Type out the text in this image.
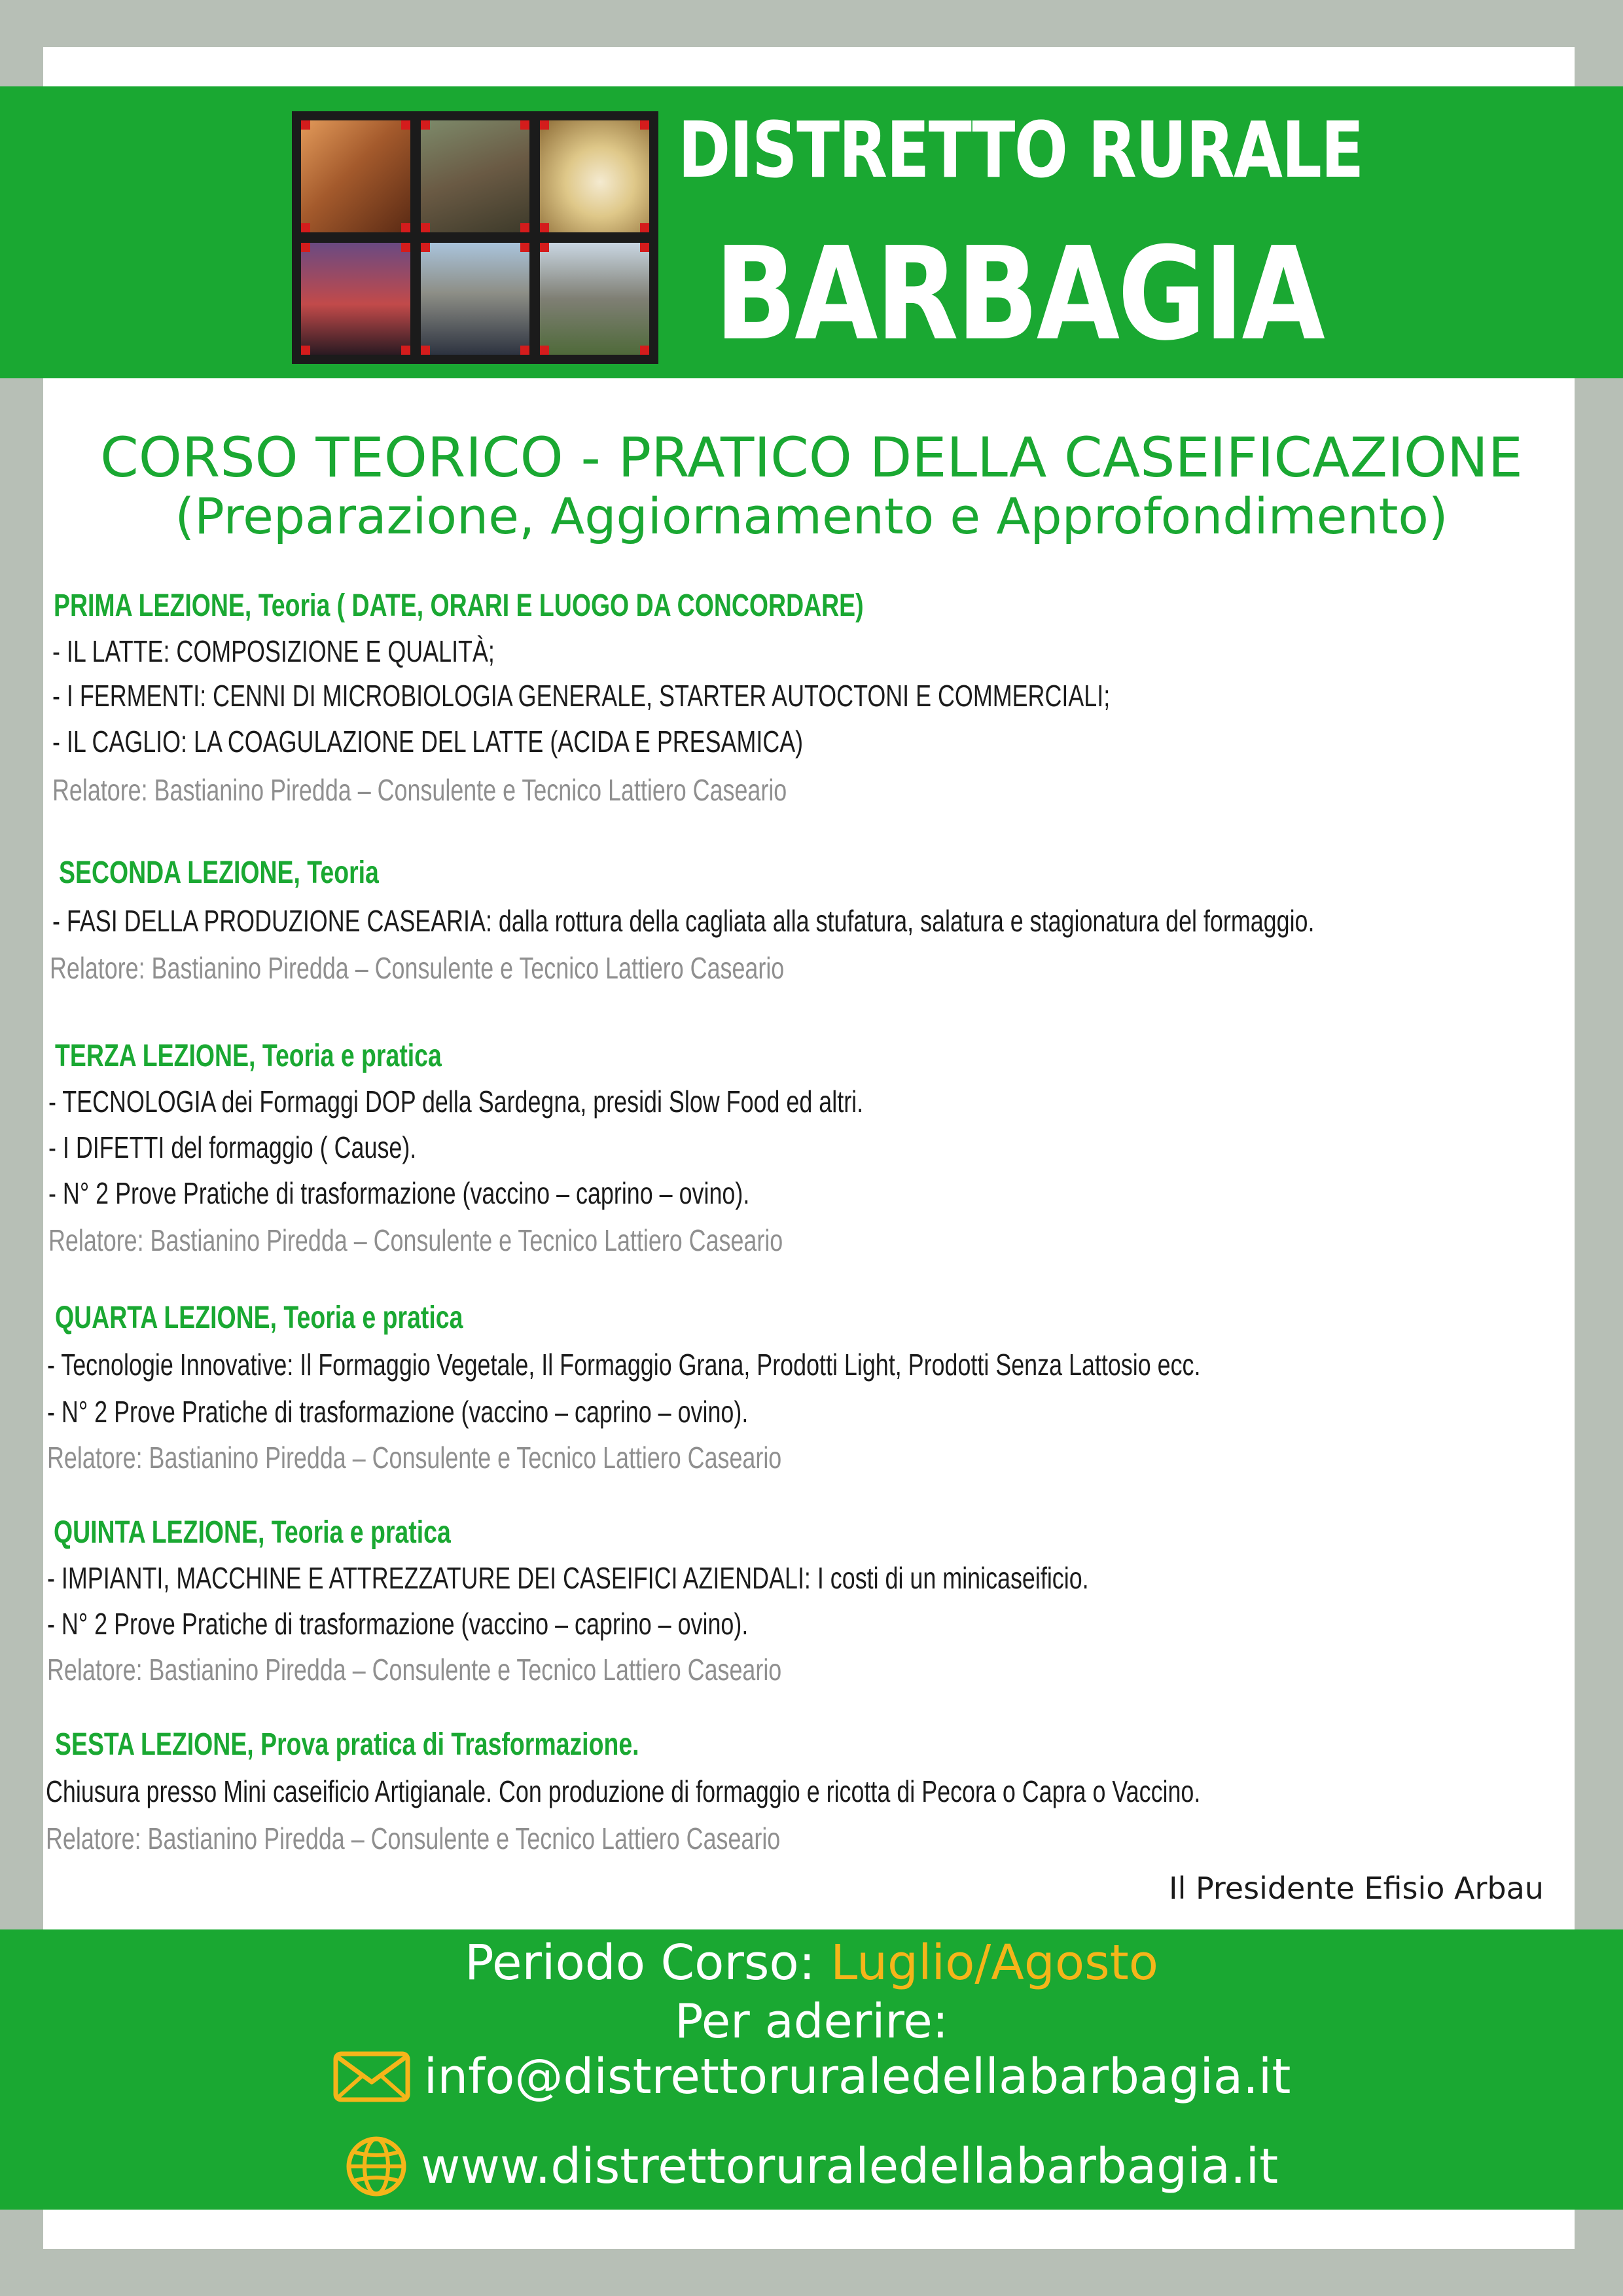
DISTRETTO RURALE
BARBAGIA
CORSO TEORICO - PRATICO DELLA CASEIFICAZIONE
(Preparazione, Aggiornamento e Approfondimento)
PRIMA LEZIONE, Teoria ( DATE, ORARI E LUOGO DA CONCORDARE)
- IL LATTE: COMPOSIZIONE E QUALITÀ;
- I FERMENTI: CENNI DI MICROBIOLOGIA GENERALE, STARTER AUTOCTONI E COMMERCIALI;
- IL CAGLIO: LA COAGULAZIONE DEL LATTE (ACIDA E PRESAMICA)
Relatore: Bastianino Piredda – Consulente e Tecnico Lattiero Caseario
SECONDA LEZIONE, Teoria
- FASI DELLA PRODUZIONE CASEARIA: dalla rottura della cagliata alla stufatura, salatura e stagionatura del formaggio.
Relatore: Bastianino Piredda – Consulente e Tecnico Lattiero Caseario
TERZA LEZIONE, Teoria e pratica
- TECNOLOGIA dei Formaggi DOP della Sardegna, presidi Slow Food ed altri.
- I DIFETTI del formaggio ( Cause).
- N° 2 Prove Pratiche di trasformazione (vaccino – caprino – ovino).
Relatore: Bastianino Piredda – Consulente e Tecnico Lattiero Caseario
QUARTA LEZIONE, Teoria e pratica
- Tecnologie Innovative: Il Formaggio Vegetale, Il Formaggio Grana, Prodotti Light, Prodotti Senza Lattosio ecc.
- N° 2 Prove Pratiche di trasformazione (vaccino – caprino – ovino).
Relatore: Bastianino Piredda – Consulente e Tecnico Lattiero Caseario
QUINTA LEZIONE, Teoria e pratica
- IMPIANTI, MACCHINE E ATTREZZATURE DEI CASEIFICI AZIENDALI: I costi di un minicaseificio.
- N° 2 Prove Pratiche di trasformazione (vaccino – caprino – ovino).
Relatore: Bastianino Piredda – Consulente e Tecnico Lattiero Caseario
SESTA LEZIONE, Prova pratica di Trasformazione.
Chiusura presso Mini caseificio Artigianale. Con produzione di formaggio e ricotta di Pecora o Capra o Vaccino.
Relatore: Bastianino Piredda – Consulente e Tecnico Lattiero Caseario
Il Presidente Efisio Arbau
Periodo Corso: Luglio/Agosto
Per aderire:
info@distrettoruraledellabarbagia.it
www.distrettoruraledellabarbagia.it
